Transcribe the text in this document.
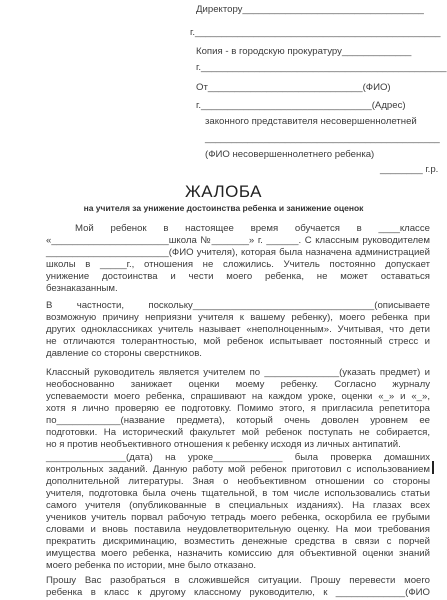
Директору__________________________________
г.______________________________________________
Копия - в городскую прокуратуру_____________
г.______________________________________________
От_____________________________(ФИО)
г.________________________________(Адрес)
законного представителя несовершеннолетней
____________________________________________
(ФИО несовершеннолетнего ребенка)
________ г.р.
ЖАЛОБА
на учителя за унижение достоинства ребенка и занижение оценок
Мой ребенок в настоящее время обучается в ____классе
«______________________школа №_______» г. ______. С классным руководителем
_______________________(ФИО учителя), которая была назначена администрацией
школы в _____г., отношения не сложились. Учитель постоянно допускает
унижение достоинства и чести моего ребенка, не может оставаться
безнаказанным.
В частности, поскольку__________________________________(описываете
возможную причину неприязни учителя к вашему ребенку), моего ребенка при
других одноклассниках учитель называет «неполноценным». Учитывая, что дети
не отличаются толерантностью, мой ребенок испытывает постоянный стресс и
давление со стороны сверстников.
Классный руководитель является учителем по ______________(указать предмет) и
необоснованно занижает оценки моему ребенку. Согласно журналу
успеваемости моего ребенка, спрашивают на каждом уроке, оценки «_» и «_»,
хотя я лично проверяю ее подготовку. Помимо этого, я пригласила репетитора
по____________(название предмета), который очень доволен уровнем ее
подготовки. На исторический факультет мой ребенок поступать не собирается,
но я против необъективного отношения к ребенку исходя из личных антипатий.
_______________(дата) на уроке_____________ была проверка домашних
контрольных заданий. Данную работу мой ребенок приготовил с использованием
дополнительной литературы. Зная о необъективном отношении со стороны
учителя, подготовка была очень тщательной, в том числе использовались статьи
самого учителя (опубликованные в специальных изданиях). На глазах всех
учеников учитель порвал рабочую тетрадь моего ребенка, оскорбила ее грубыми
словами и вновь поставила неудовлетворительную оценку. На мои требования
прекратить дискриминацию, возместить денежные средства в связи с порчей
имущества моего ребенка, назначить комиссию для объективной оценки знаний
моего ребенка по истории, мне было отказано.
Прошу Вас разобраться в сложившейся ситуации. Прошу перевести моего
ребенка в класс к другому классному руководителю, к _____________(ФИО
